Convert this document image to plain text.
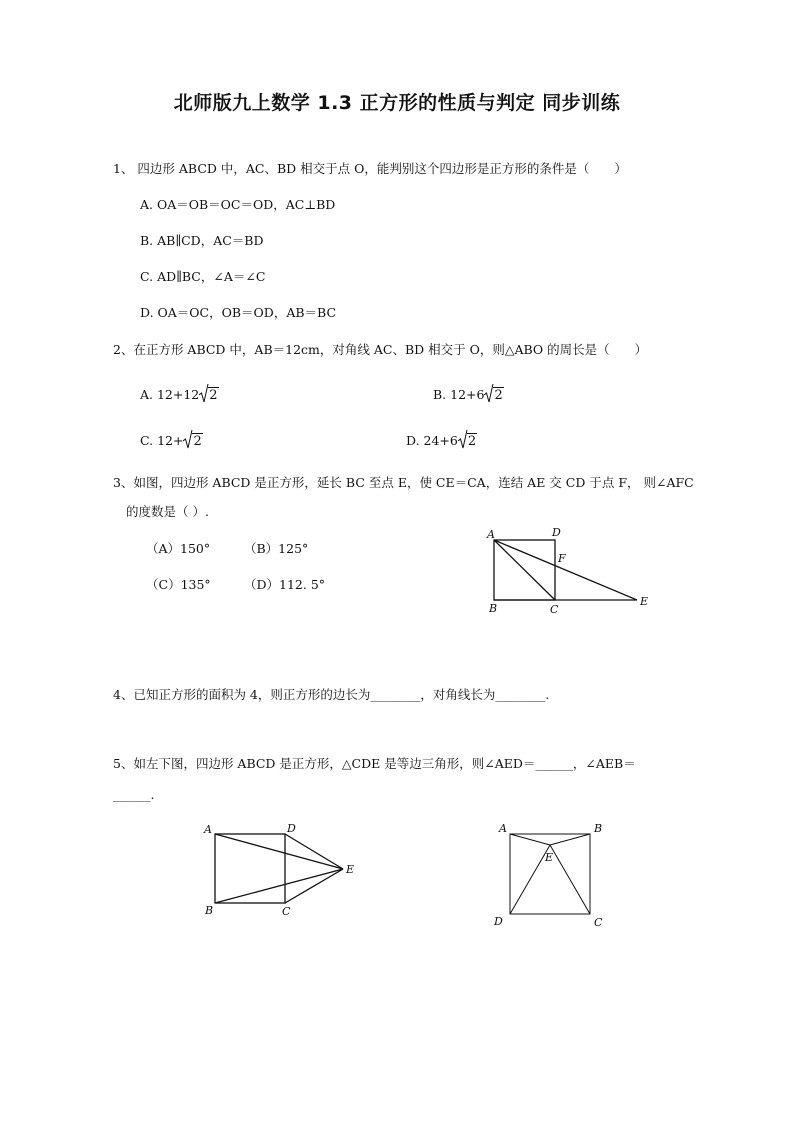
北师版九上数学 1.3 正方形的性质与判定 同步训练
1、 四边形 ABCD 中，AC、BD 相交于点 O，能判别这个四边形是正方形的条件是（　　）
A. OA＝OB＝OC＝OD，AC⊥BD
B. AB∥CD，AC＝BD
C. AD∥BC，∠A＝∠C
D. OA＝OC，OB＝OD，AB＝BC
2、在正方形 ABCD 中，AB＝12cm，对角线 AC、BD 相交于 O，则△ABO 的周长是（　　）
A. 12+12 2	B. 12+6 2
C. 12+ 2	D. 24+6 2
3、如图，四边形 ABCD 是正方形，延长 BC 至点 E，使 CE＝CA，连结 AE 交 CD 于点 F， 则∠AFC
的度数是（ ）.
（A）150°	（B）125°
（C）135°	（D）112. 5°
A	D
F
B	C
E
4、已知正方形的面积为 4，则正方形的边长为________，对角线长为________.
5、如左下图，四边形 ABCD 是正方形，△CDE 是等边三角形，则∠AED＝______，∠AEB＝
______.
A	D
E
B	C
A	B
E
D	C
